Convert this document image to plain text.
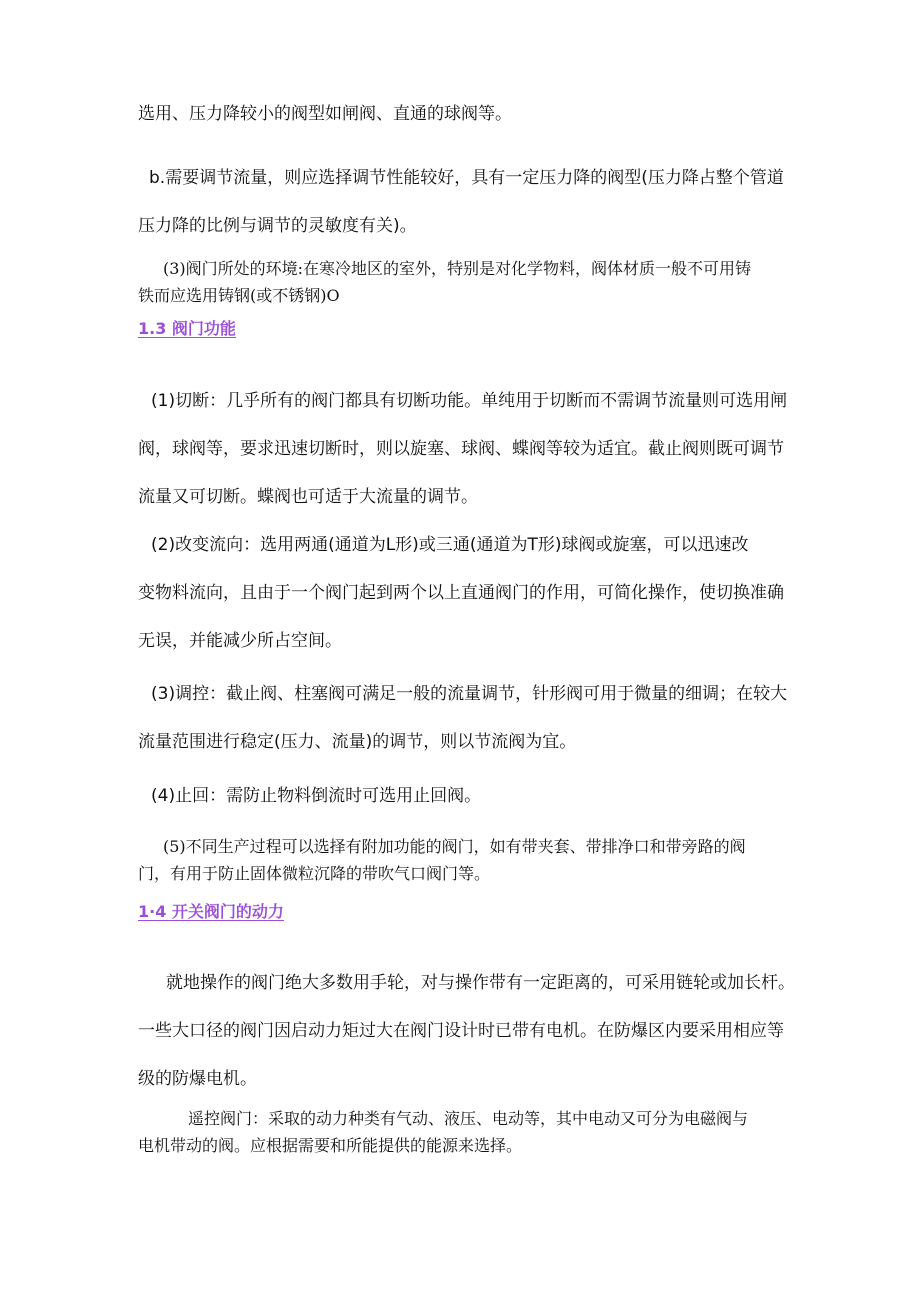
选用、压力降较小的阀型如闸阀、直通的球阀等。
b.需要调节流量，则应选择调节性能较好，具有一定压力降的阀型(压力降占整个管道
压力降的比例与调节的灵敏度有关)。
(3)阀门所处的环境:在寒冷地区的室外，特别是对化学物料，阀体材质一般不可用铸
铁而应选用铸钢(或不锈钢)O
1.3 阀门功能
(1)切断：几乎所有的阀门都具有切断功能。单纯用于切断而不需调节流量则可选用闸
阀，球阀等，要求迅速切断时，则以旋塞、球阀、蝶阀等较为适宜。截止阀则既可调节
流量又可切断。蝶阀也可适于大流量的调节。
(2)改变流向：选用两通(通道为L形)或三通(通道为T形)球阀或旋塞，可以迅速改
变物料流向，且由于一个阀门起到两个以上直通阀门的作用，可简化操作，使切换准确
无误，并能减少所占空间。
(3)调控：截止阀、柱塞阀可满足一般的流量调节，针形阀可用于微量的细调；在较大
流量范围进行稳定(压力、流量)的调节，则以节流阀为宜。
(4)止回：需防止物料倒流时可选用止回阀。
(5)不同生产过程可以选择有附加功能的阀门，如有带夹套、带排净口和带旁路的阀
门，有用于防止固体微粒沉降的带吹气口阀门等。
1·4 开关阀门的动力
就地操作的阀门绝大多数用手轮，对与操作带有一定距离的，可采用链轮或加长杆。
一些大口径的阀门因启动力矩过大在阀门设计时已带有电机。在防爆区内要采用相应等
级的防爆电机。
遥控阀门：采取的动力种类有气动、液压、电动等，其中电动又可分为电磁阀与
电机带动的阀。应根据需要和所能提供的能源来选择。
